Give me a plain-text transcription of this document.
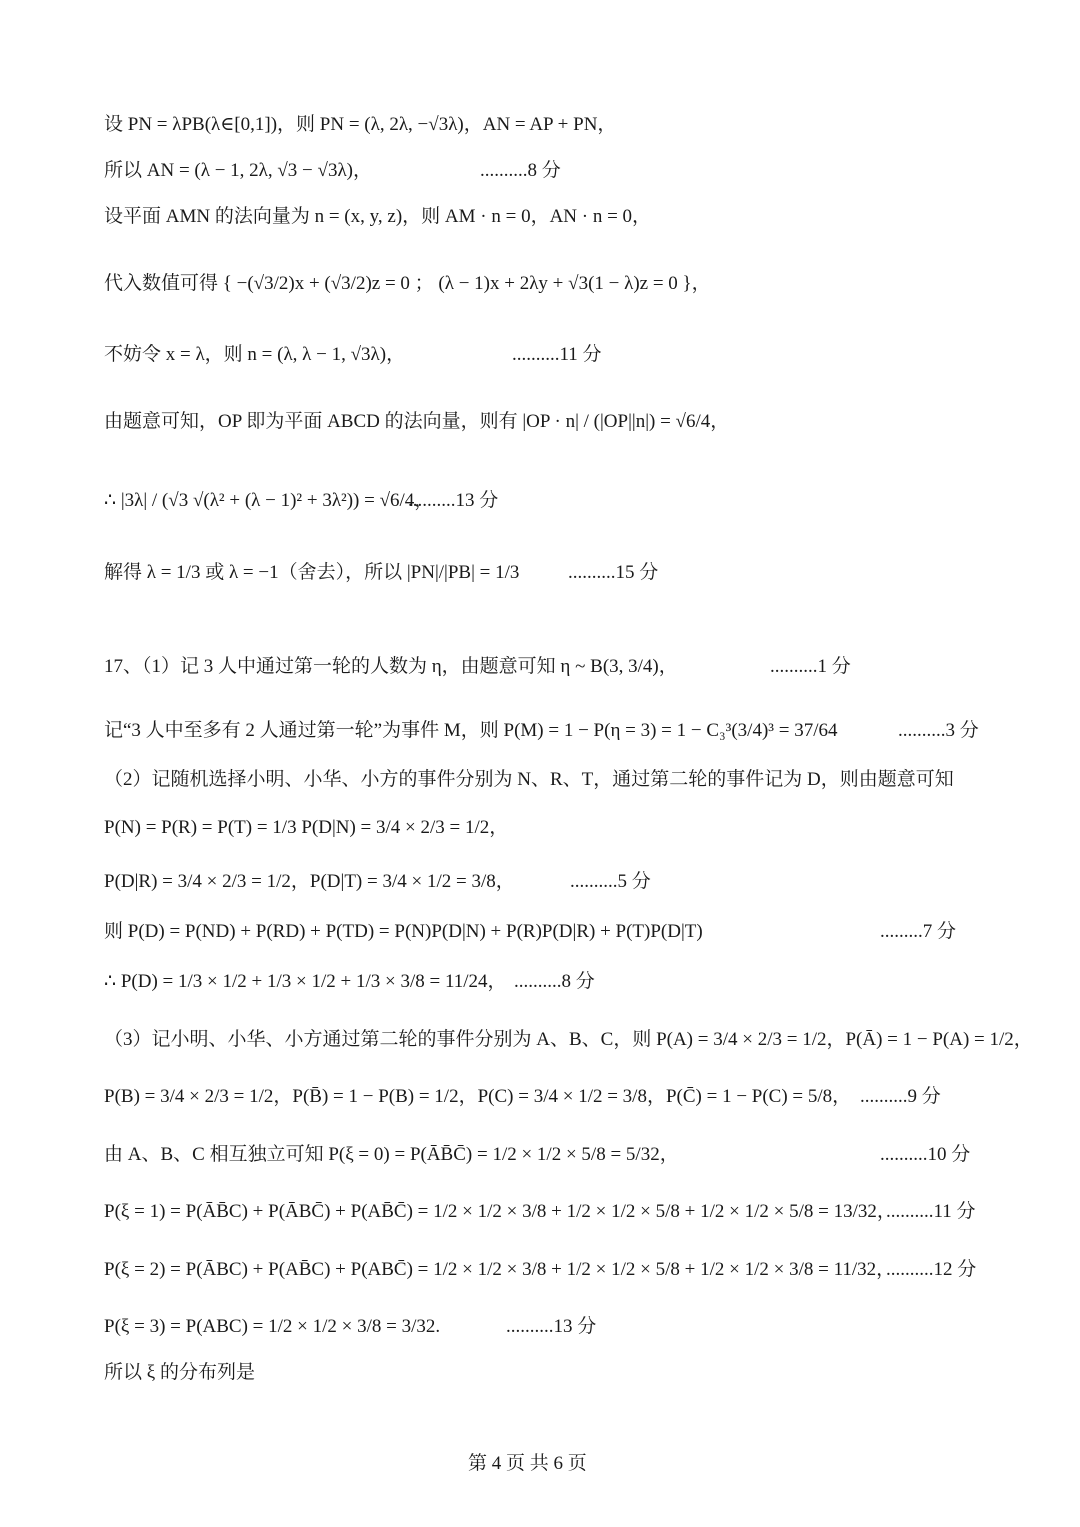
设 PN = λPB(λ∈[0,1])，则 PN = (λ, 2λ, −√3λ)，AN = AP + PN，
所以 AN = (λ − 1, 2λ, √3 − √3λ)，	..........8 分
设平面 AMN 的法向量为 n = (x, y, z)，则 AM · n = 0，AN · n = 0，
代入数值可得 { −(√3/2)x + (√3/2)z = 0 ； (λ − 1)x + 2λy + √3(1 − λ)z = 0 }，
不妨令 x = λ，则 n = (λ, λ − 1, √3λ)，	..........11 分
由题意可知，OP 即为平面 ABCD 的法向量，则有 |OP · n| / (|OP||n|) = √6/4，
∴ |3λ| / (√3 √(λ² + (λ − 1)² + 3λ²)) = √6/4，
..........13 分
解得 λ = 1/3 或 λ = −1（舍去），所以 |PN|/|PB| = 1/3	..........15 分
17、（1）记 3 人中通过第一轮的人数为 η，由题意可知 η ~ B(3, 3/4)，	..........1 分
记“3 人中至多有 2 人通过第一轮”为事件 M，则 P(M) = 1 − P(η = 3) = 1 − C₃³(3/4)³ = 37/64	..........3 分
（2）记随机选择小明、小华、小方的事件分别为 N、R、T，通过第二轮的事件记为 D，则由题意可知
P(N) = P(R) = P(T) = 1/3 P(D|N) = 3/4 × 2/3 = 1/2，
P(D|R) = 3/4 × 2/3 = 1/2，P(D|T) = 3/4 × 1/2 = 3/8，	..........5 分
则 P(D) = P(ND) + P(RD) + P(TD) = P(N)P(D|N) + P(R)P(D|R) + P(T)P(D|T)	.........7 分
∴ P(D) = 1/3 × 1/2 + 1/3 × 1/2 + 1/3 × 3/8 = 11/24， ..........8 分
（3）记小明、小华、小方通过第二轮的事件分别为 A、B、C，则 P(A) = 3/4 × 2/3 = 1/2，P(Ā) = 1 − P(A) = 1/2，
P(B) = 3/4 × 2/3 = 1/2，P(B̄) = 1 − P(B) = 1/2，P(C) = 3/4 × 1/2 = 3/8，P(C̄) = 1 − P(C) = 5/8， ..........9 分
由 A、B、C 相互独立可知 P(ξ = 0) = P(ĀB̄C̄) = 1/2 × 1/2 × 5/8 = 5/32，	..........10 分
P(ξ = 1) = P(ĀB̄C) + P(ĀBC̄) + P(AB̄C̄) = 1/2 × 1/2 × 3/8 + 1/2 × 1/2 × 5/8 + 1/2 × 1/2 × 5/8 = 13/32，
..........11 分
P(ξ = 2) = P(ĀBC) + P(AB̄C) + P(ABC̄) = 1/2 × 1/2 × 3/8 + 1/2 × 1/2 × 5/8 + 1/2 × 1/2 × 3/8 = 11/32，
..........12 分
P(ξ = 3) = P(ABC) = 1/2 × 1/2 × 3/8 = 3/32.	..........13 分
所以 ξ 的分布列是
第 4 页 共 6 页
